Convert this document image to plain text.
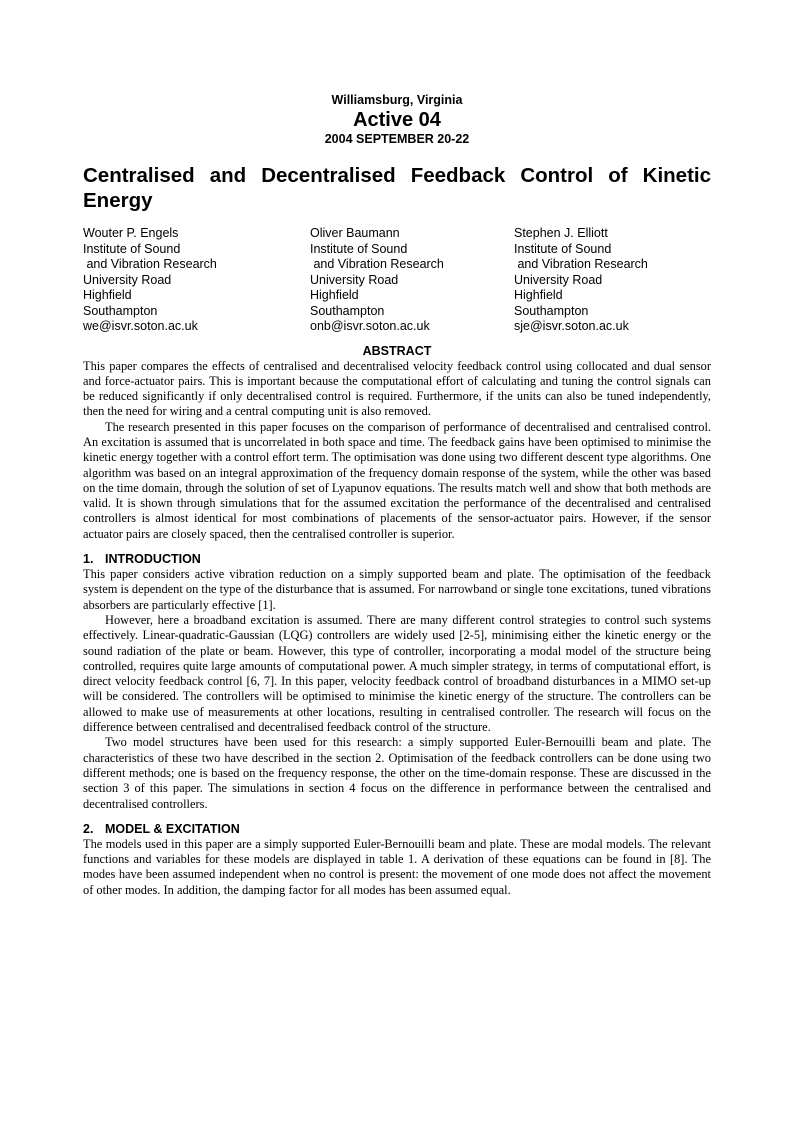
Williamsburg, Virginia
Active 04
2004 SEPTEMBER 20-22
Centralised and Decentralised Feedback Control of Kinetic Energy
Wouter P. Engels
Institute of Sound
and Vibration Research
University Road
Highfield
Southampton
we@isvr.soton.ac.uk
Oliver Baumann
Institute of Sound
and Vibration Research
University Road
Highfield
Southampton
onb@isvr.soton.ac.uk
Stephen J. Elliott
Institute of Sound
and Vibration Research
University Road
Highfield
Southampton
sje@isvr.soton.ac.uk
ABSTRACT

This paper compares the effects of centralised and decentralised velocity feedback control using collocated and dual sensor and force-actuator pairs. This is important because the computational effort of calculating and tuning the control signals can be reduced significantly if only decentralised control is required. Furthermore, if the units can also be tuned independently, then the need for wiring and a central computing unit is also removed.

The research presented in this paper focuses on the comparison of performance of decentralised and centralised control. An excitation is assumed that is uncorrelated in both space and time. The feedback gains have been optimised to minimise the kinetic energy together with a control effort term. The optimisation was done using two different descent type algorithms. One algorithm was based on an integral approximation of the frequency domain response of the system, while the other was based on the time domain, through the solution of set of Lyapunov equations. The results match well and show that both methods are valid. It is shown through simulations that for the assumed excitation the performance of the decentralised and centralised controllers is almost identical for most combinations of placements of the sensor-actuator pairs. However, if the sensor actuator pairs are closely spaced, then the centralised controller is superior.

1. INTRODUCTION

This paper considers active vibration reduction on a simply supported beam and plate. The optimisation of the feedback system is dependent on the type of the disturbance that is assumed. For narrowband or single tone excitations, tuned vibrations absorbers are particularly effective [1].

However, here a broadband excitation is assumed. There are many different control strategies to control such systems effectively. Linear-quadratic-Gaussian (LQG) controllers are widely used [2-5], minimising either the kinetic energy or the sound radiation of the plate or beam. However, this type of controller, incorporating a modal model of the structure being controlled, requires quite large amounts of computational power. A much simpler strategy, in terms of computational effort, is direct velocity feedback control [6, 7]. In this paper, velocity feedback control of broadband disturbances in a MIMO set-up will be considered. The controllers will be optimised to minimise the kinetic energy of the structure. The controllers can be allowed to make use of measurements at other locations, resulting in centralised controller. The research will focus on the difference between centralised and decentralised feedback control of the structure.

Two model structures have been used for this research: a simply supported Euler-Bernouilli beam and plate. The characteristics of these two have described in the section 2. Optimisation of the feedback controllers can be done using two different methods; one is based on the frequency response, the other on the time-domain response. These are discussed in the section 3 of this paper. The simulations in section 4 focus on the difference in performance between the centralised and decentralised controllers.

2. MODEL & EXCITATION

The models used in this paper are a simply supported Euler-Bernouilli beam and plate. These are modal models. The relevant functions and variables for these models are displayed in table 1. A derivation of these equations can be found in [8]. The modes have been assumed independent when no control is present: the movement of one mode does not affect the movement of other modes. In addition, the damping factor for all modes has been assumed equal.
